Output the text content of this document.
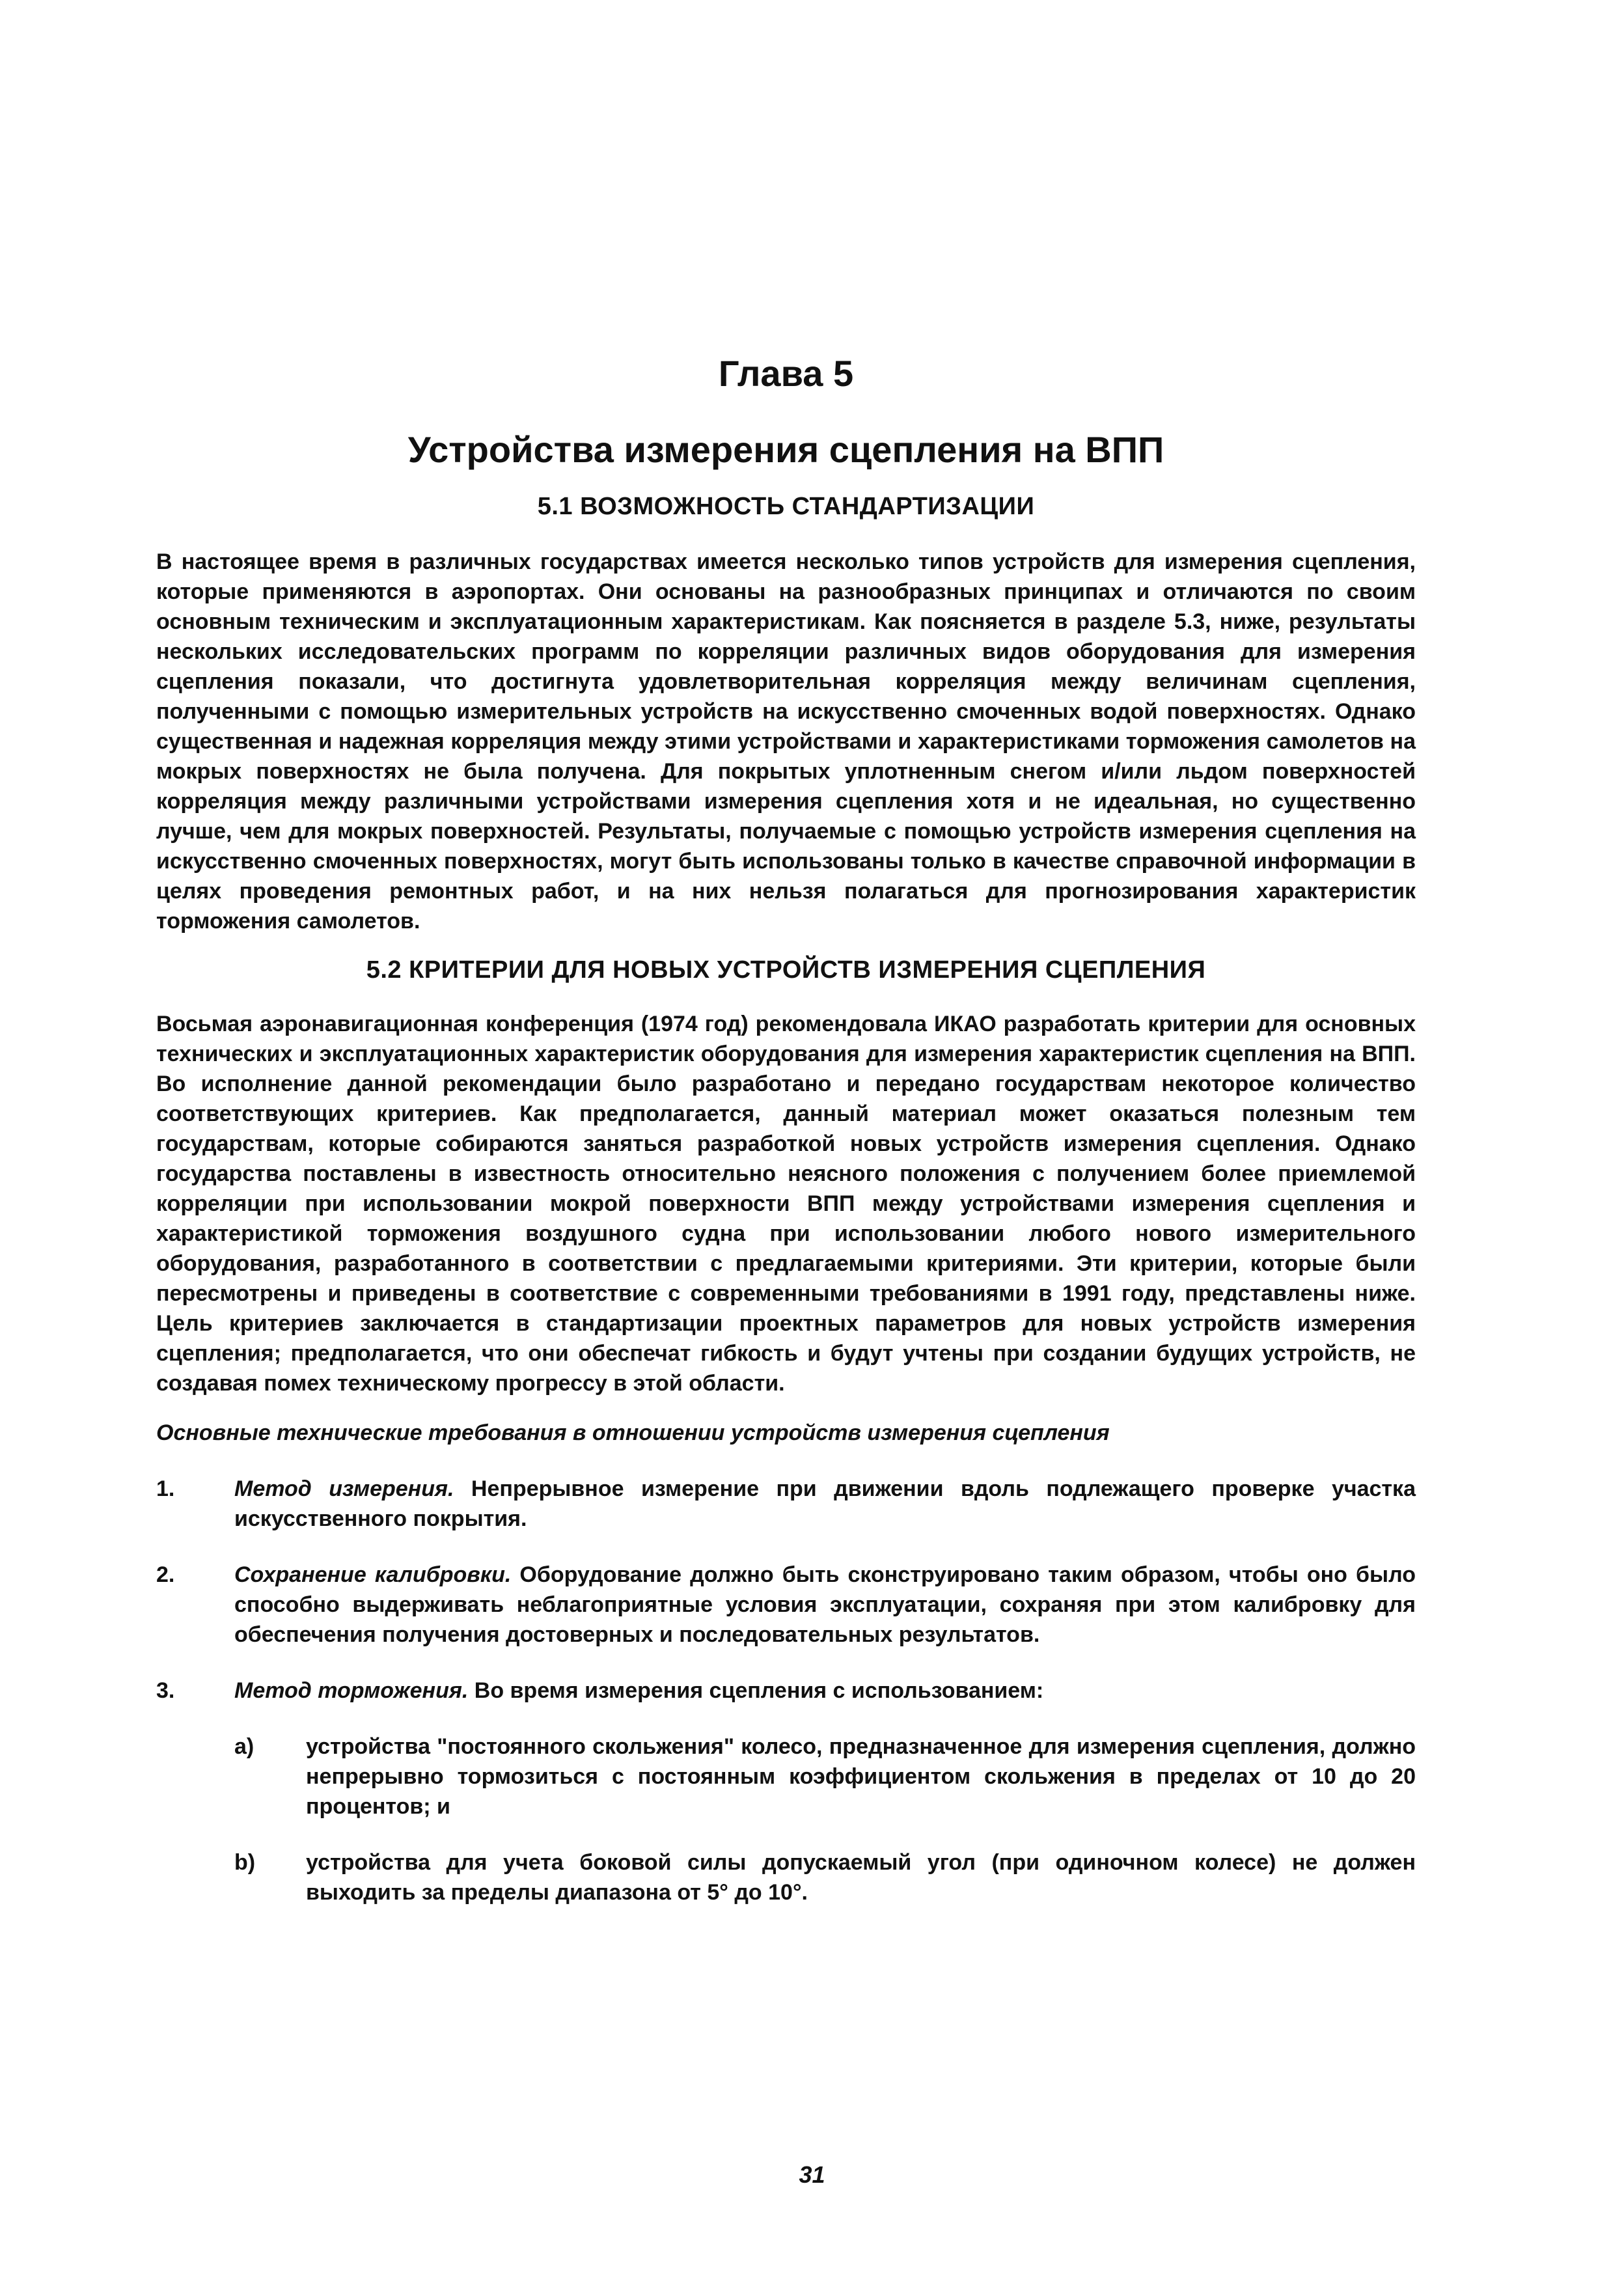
Глава 5
Устройства измерения сцепления на ВПП
5.1 ВОЗМОЖНОСТЬ СТАНДАРТИЗАЦИИ

В настоящее время в различных государствах имеется несколько типов устройств для измерения сцепления, которые применяются в аэропортах. Они основаны на разнообразных принципах и отличаются по своим основным техническим и эксплуатационным характеристикам. Как поясняется в разделе 5.3, ниже, результаты нескольких исследовательских программ по корреляции различных видов оборудования для измерения сцепления показали, что достигнута удовлетворительная корреляция между величинам сцепления, полученными с помощью измерительных устройств на искусственно смоченных водой поверхностях. Однако существенная и надежная корреляция между этими устройствами и характеристиками торможения самолетов на мокрых поверхностях не была получена. Для покрытых уплотненным снегом и/или льдом поверхностей корреляция между различными устройствами измерения сцепления хотя и не идеальная, но существенно лучше, чем для мокрых поверхностей. Результаты, получаемые с помощью устройств измерения сцепления на искусственно смоченных поверхностях, могут быть использованы только в качестве справочной информации в целях проведения ремонтных работ, и на них нельзя полагаться для прогнозирования характеристик торможения самолетов.

5.2 КРИТЕРИИ ДЛЯ НОВЫХ УСТРОЙСТВ ИЗМЕРЕНИЯ СЦЕПЛЕНИЯ

Восьмая аэронавигационная конференция (1974 год) рекомендовала ИКАО разработать критерии для основных технических и эксплуатационных характеристик оборудования для измерения характеристик сцепления на ВПП. Во исполнение данной рекомендации было разработано и передано государствам некоторое количество соответствующих критериев. Как предполагается, данный материал может оказаться полезным тем государствам, которые собираются заняться разработкой новых устройств измерения сцепления. Однако государства поставлены в известность относительно неясного положения с получением более приемлемой корреляции при использовании мокрой поверхности ВПП между устройствами измерения сцепления и характеристикой торможения воздушного судна при использовании любого нового измерительного оборудования, разработанного в соответствии с предлагаемыми критериями. Эти критерии, которые были пересмотрены и приведены в соответствие с современными требованиями в 1991 году, представлены ниже. Цель критериев заключается в стандартизации проектных параметров для новых устройств измерения сцепления; предполагается, что они обеспечат гибкость и будут учтены при создании будущих устройств, не создавая помех техническому прогрессу в этой области.

Основные технические требования в отношении устройств измерения сцепления
1.	Метод измерения. Непрерывное измерение при движении вдоль подлежащего проверке участка искусственного покрытия.
2.	Сохранение калибровки. Оборудование должно быть сконструировано таким образом, чтобы оно было способно выдерживать неблагоприятные условия эксплуатации, сохраняя при этом калибровку для обеспечения получения достоверных и последовательных результатов.
3.	Метод торможения. Во время измерения сцепления с использованием:
a)	устройства "постоянного скольжения" колесо, предназначенное для измерения сцепления, должно непрерывно тормозиться с постоянным коэффициентом скольжения в пределах от 10 до 20 процентов; и
b)	устройства для учета боковой силы допускаемый угол (при одиночном колесе) не должен выходить за пределы диапазона от 5° до 10°.
31
